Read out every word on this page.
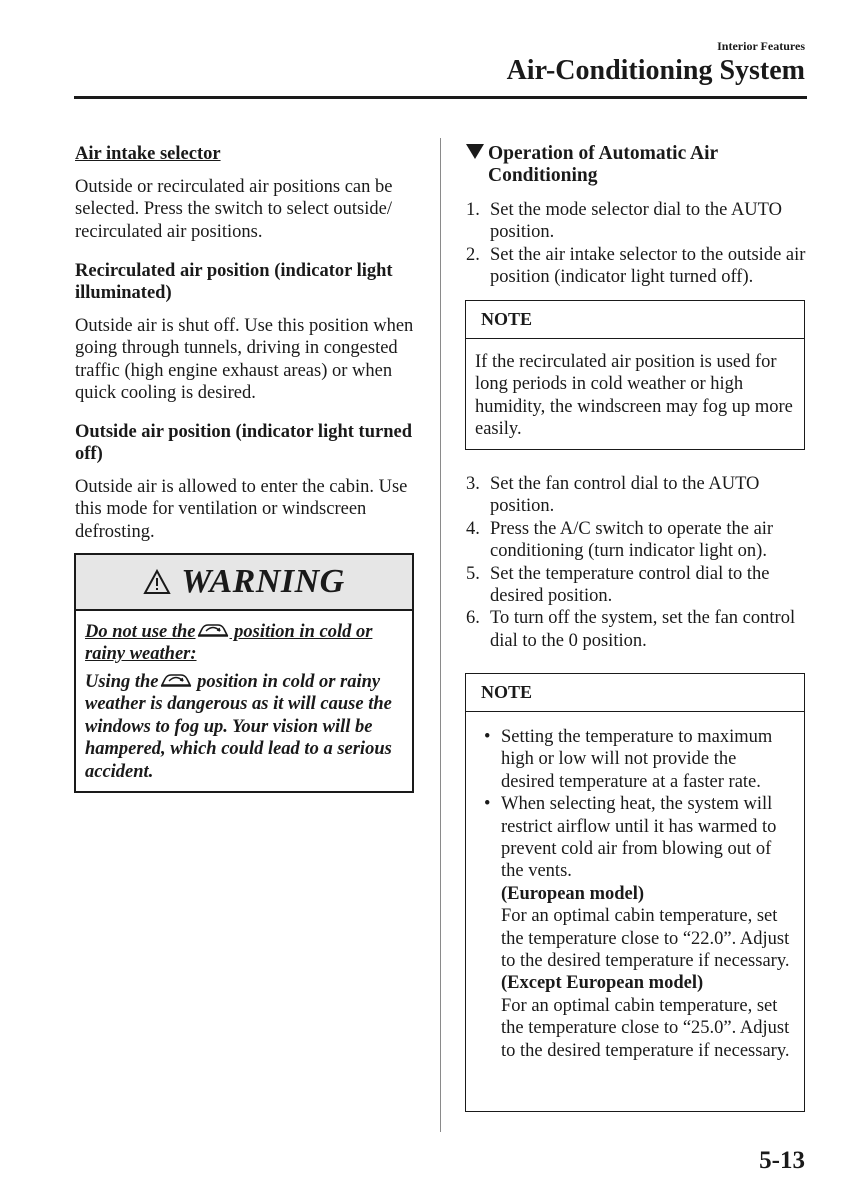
Interior Features
Air-Conditioning System
Air intake selector
Outside or recirculated air positions can be selected. Press the switch to select outside/ recirculated air positions.
Recirculated air position (indicator light illuminated)
Outside air is shut off. Use this position when going through tunnels, driving in congested traffic (high engine exhaust areas) or when quick cooling is desired.
Outside air position (indicator light turned off)
Outside air is allowed to enter the cabin. Use this mode for ventilation or windscreen defrosting.
WARNING
Do not use the position in cold or rainy weather:
Using the position in cold or rainy weather is dangerous as it will cause the windows to fog up. Your vision will be hampered, which could lead to a serious accident.
Operation of Automatic Air
Conditioning
1. Set the mode selector dial to the AUTO position.
2. Set the air intake selector to the outside air position (indicator light turned off).
NOTE
If the recirculated air position is used for long periods in cold weather or high humidity, the windscreen may fog up more easily.
3. Set the fan control dial to the AUTO position.
4. Press the A/C switch to operate the air conditioning (turn indicator light on).
5. Set the temperature control dial to the desired position.
6. To turn off the system, set the fan control dial to the 0 position.
NOTE
• Setting the temperature to maximum high or low will not provide the desired temperature at a faster rate.
• When selecting heat, the system will restrict airflow until it has warmed to prevent cold air from blowing out of the vents.
(European model)
For an optimal cabin temperature, set the temperature close to “22.0”. Adjust to the desired temperature if necessary.
(Except European model)
For an optimal cabin temperature, set the temperature close to “25.0”. Adjust to the desired temperature if necessary.
5-13
